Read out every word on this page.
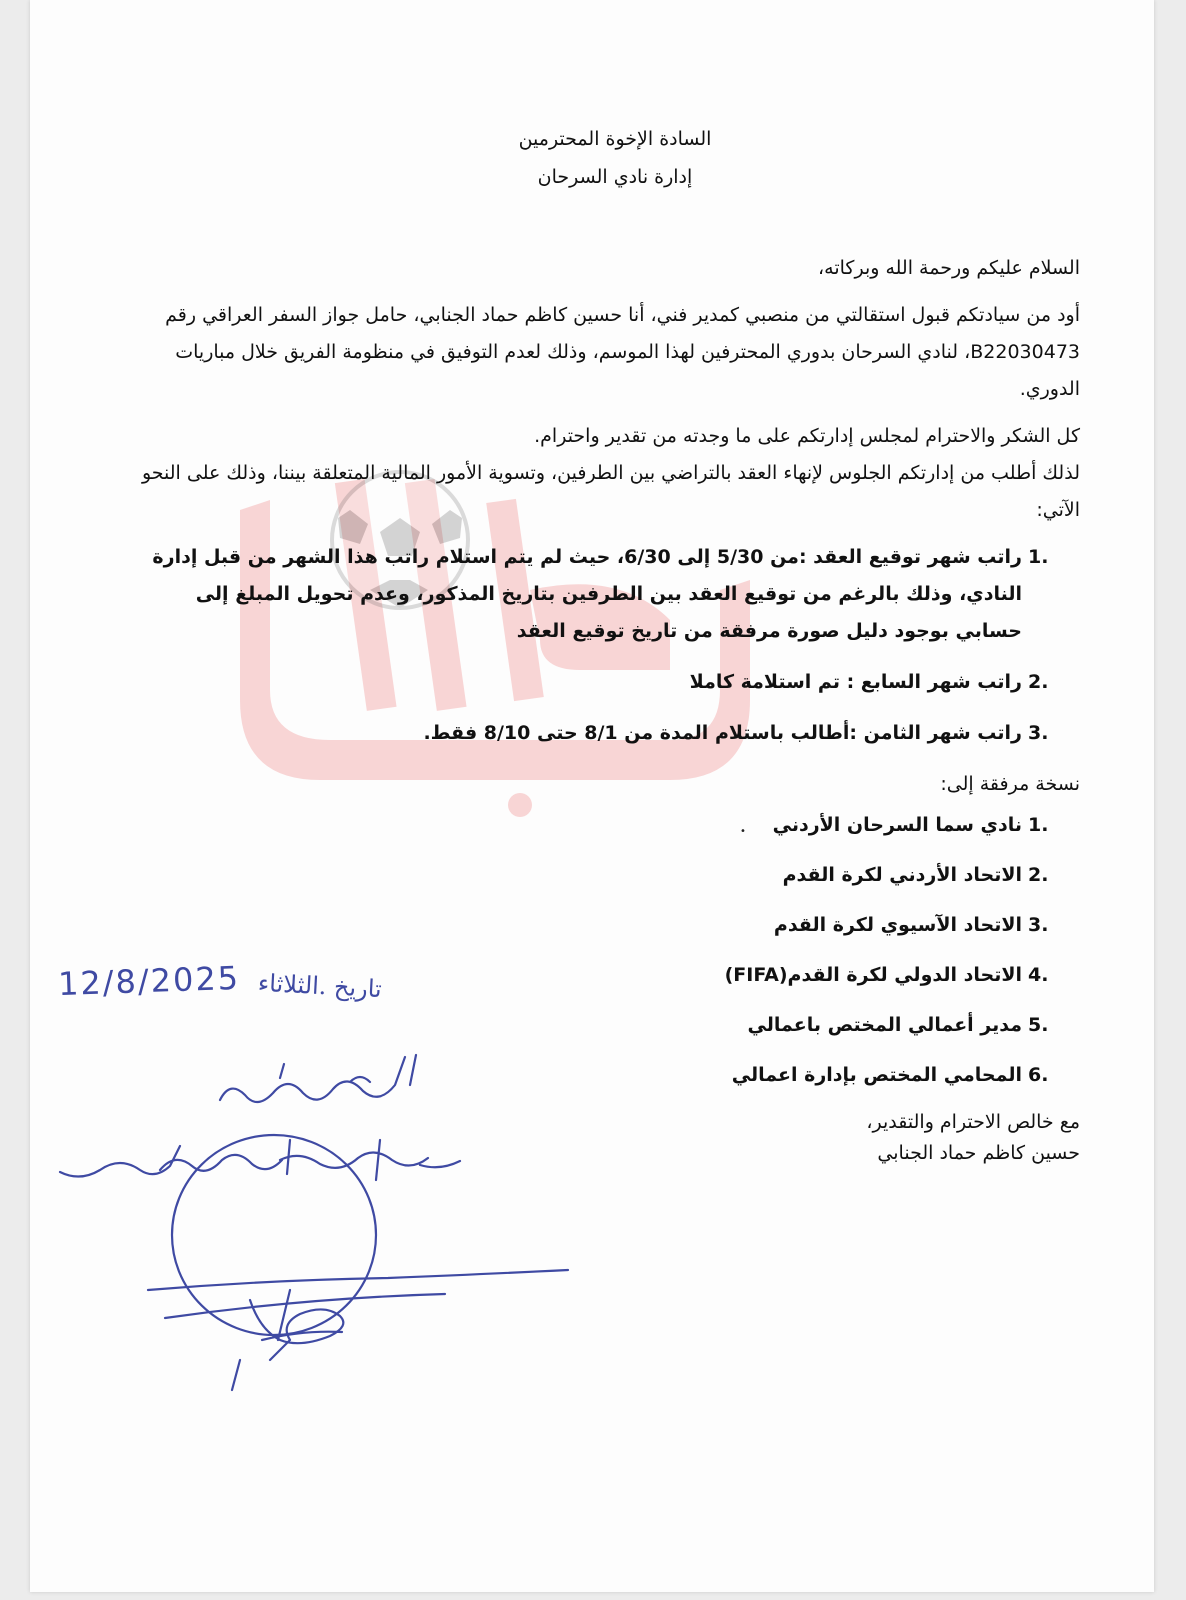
السادة الإخوة المحترمين
إدارة نادي السرحان

السلام عليكم ورحمة الله وبركاته،

أود من سيادتكم قبول استقالتي من منصبي كمدير فني، أنا حسين كاظم حماد الجنابي، حامل جواز السفر العراقي رقم B22030473، لنادي السرحان بدوري المحترفين لهذا الموسم، وذلك لعدم التوفيق في منظومة الفريق خلال مباريات الدوري.

كل الشكر والاحترام لمجلس إدارتكم على ما وجدته من تقدير واحترام.

لذلك أطلب من إدارتكم الجلوس لإنهاء العقد بالتراضي بين الطرفين، وتسوية الأمور المالية المتعلقة بيننا، وذلك على النحو الآتي:

1.
راتب شهر توقيع العقد :من 5/30 إلى 6/30، حيث لم يتم استلام راتب هذا الشهر من قبل إدارة النادي، وذلك بالرغم من توقيع العقد بين الطرفين بتاريخ المذكور، وعدم تحويل المبلغ إلى حسابي بوجود دليل صورة مرفقة من تاريخ توقيع العقد
2.
راتب شهر السابع : تم استلامة كاملا
3.
راتب شهر الثامن :أطالب باستلام المدة من 8/1 حتى 8/10 فقط.

نسخة مرفقة إلى:

1.
نادي سما السرحان الأردني
2.
الاتحاد الأردني لكرة القدم
3.
الاتحاد الآسيوي لكرة القدم
4.
الاتحاد الدولي لكرة القدم(FIFA)
5.
مدير أعمالي المختص باعمالي
6.
المحامي المختص بإدارة اعمالي
مع خالص الاحترام والتقدير،
حسين كاظم حماد الجنابي
12/8/2025 تاريخ .الثلاثاء
•
